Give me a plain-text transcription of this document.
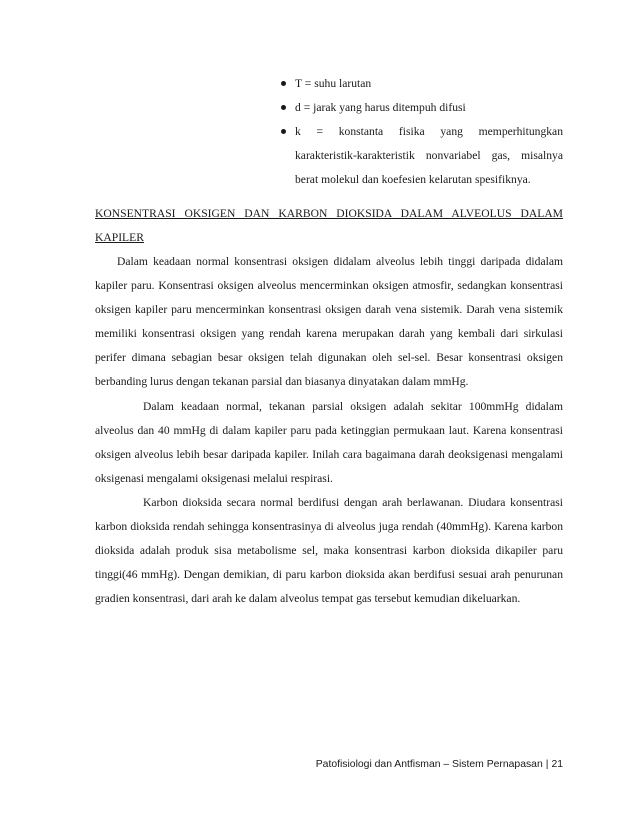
T = suhu larutan
d = jarak yang harus ditempuh difusi
k = konstanta fisika yang memperhitungkan karakteristik-karakteristik nonvariabel gas, misalnya berat molekul dan koefesien kelarutan spesifiknya.
KONSENTRASI OKSIGEN DAN KARBON DIOKSIDA DALAM ALVEOLUS DALAM KAPILER

Dalam keadaan normal konsentrasi oksigen didalam alveolus lebih tinggi daripada didalam kapiler paru. Konsentrasi oksigen alveolus mencerminkan oksigen atmosfir, sedangkan konsentrasi oksigen kapiler paru mencerminkan konsentrasi oksigen darah vena sistemik. Darah vena sistemik memiliki konsentrasi oksigen yang rendah karena merupakan darah yang kembali dari sirkulasi perifer dimana sebagian besar oksigen telah digunakan oleh sel-sel. Besar konsentrasi oksigen berbanding lurus dengan tekanan parsial dan biasanya dinyatakan dalam mmHg.

Dalam keadaan normal, tekanan parsial oksigen adalah sekitar 100mmHg didalam alveolus dan 40 mmHg di dalam kapiler paru pada ketinggian permukaan laut. Karena konsentrasi oksigen alveolus lebih besar daripada kapiler. Inilah cara bagaimana darah deoksigenasi mengalami oksigenasi mengalami oksigenasi melalui respirasi.

Karbon dioksida secara normal berdifusi dengan arah berlawanan. Diudara konsentrasi karbon dioksida rendah sehingga konsentrasinya di alveolus juga rendah (40mmHg). Karena karbon dioksida adalah produk sisa metabolisme sel, maka konsentrasi karbon dioksida dikapiler paru tinggi(46 mmHg). Dengan demikian, di paru karbon dioksida akan berdifusi sesuai arah penurunan gradien konsentrasi, dari arah ke dalam alveolus tempat gas tersebut kemudian dikeluarkan.

Patofisiologi dan Antfisman – Sistem Pernapasan | 21
